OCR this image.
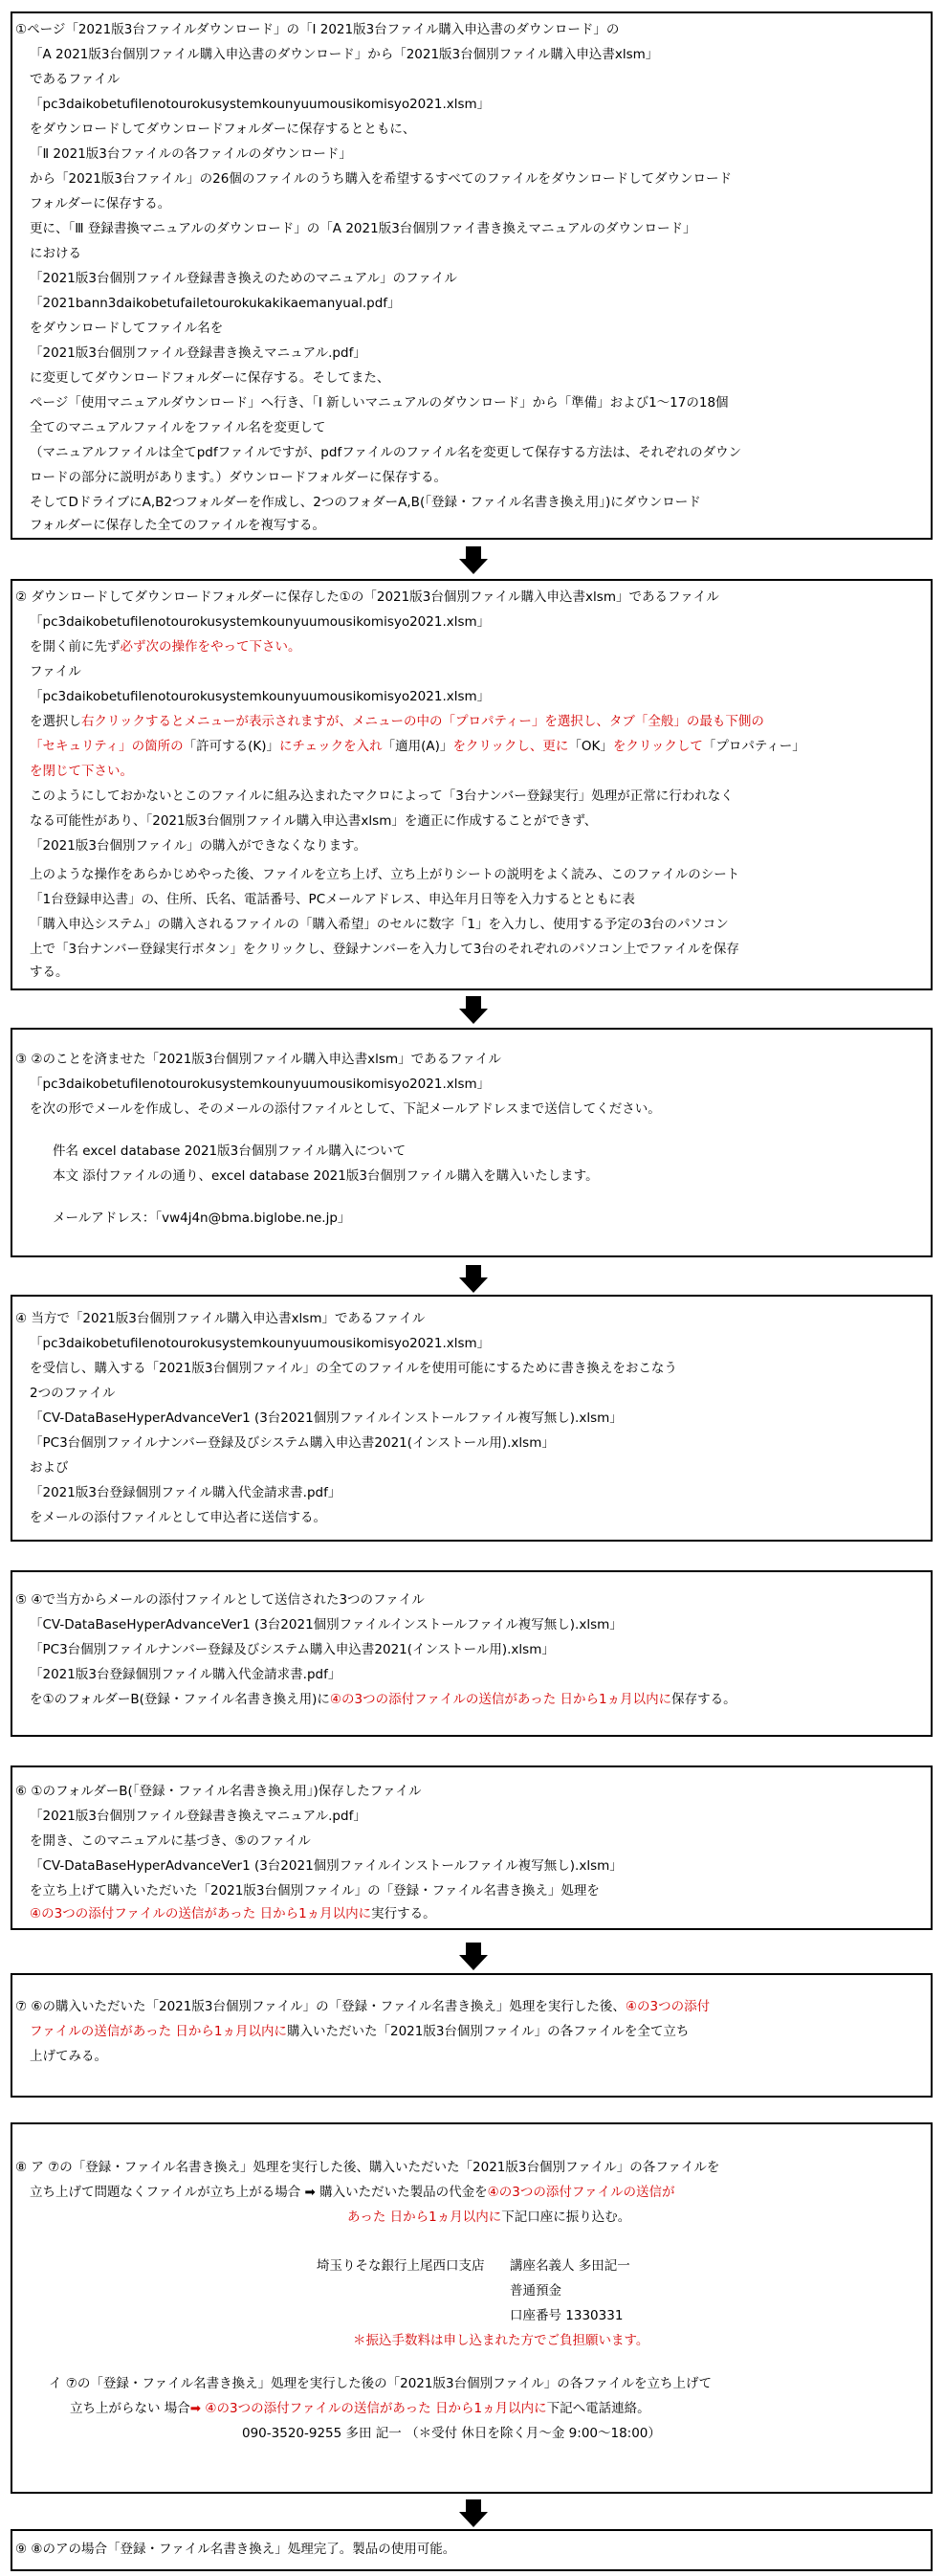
①ページ「2021版3台ファイルダウンロード」の「Ⅰ 2021版3台ファイル購入申込書のダウンロード」の
「A 2021版3台個別ファイル購入申込書のダウンロード」から「2021版3台個別ファイル購入申込書xlsm」
であるファイル
「pc3daikobetufilenotourokusystemkounyuumousikomisyo2021.xlsm」
をダウンロードしてダウンロードフォルダーに保存するとともに、
「Ⅱ 2021版3台ファイルの各ファイルのダウンロード」
から「2021版3台ファイル」の26個のファイルのうち購入を希望するすべてのファイルをダウンロードしてダウンロード
フォルダーに保存する。
更に、「Ⅲ 登録書換マニュアルのダウンロード」の「A 2021版3台個別ファイ書き換えマニュアルのダウンロード」
における
「2021版3台個別ファイル登録書き換えのためのマニュアル」のファイル
「2021bann3daikobetufailetourokukakikaemanyual.pdf」
をダウンロードしてファイル名を
「2021版3台個別ファイル登録書き換えマニュアル.pdf」
に変更してダウンロードフォルダーに保存する。そしてまた、
ページ「使用マニュアルダウンロード」へ行き、「Ⅰ 新しいマニュアルのダウンロード」から「準備」および1～17の18個
全てのマニュアルファイルをファイル名を変更して
（マニュアルファイルは全てpdfファイルですが、pdfファイルのファイル名を変更して保存する方法は、それぞれのダウン
ロードの部分に説明があります。）ダウンロードフォルダーに保存する。
そしてDドライブにA,B2つフォルダーを作成し、2つのフォダーA,B(「登録・ファイル名書き換え用」)にダウンロード
フォルダーに保存した全てのファイルを複写する。
② ダウンロードしてダウンロードフォルダーに保存した①の「2021版3台個別ファイル購入申込書xlsm」であるファイル
「pc3daikobetufilenotourokusystemkounyuumousikomisyo2021.xlsm」
を開く前に先ず必ず次の操作をやって下さい。
ファイル
「pc3daikobetufilenotourokusystemkounyuumousikomisyo2021.xlsm」
を選択し右クリックするとメニューが表示されますが、メニューの中の「プロパティー」を選択し、タブ「全般」の最も下側の
「セキュリティ」の箇所の「許可する(K)」にチェックを入れ「適用(A)」をクリックし、更に「OK」をクリックして「プロパティー」
を閉じて下さい。
このようにしておかないとこのファイルに組み込まれたマクロによって「3台ナンバー登録実行」処理が正常に行われなく
なる可能性があり、「2021版3台個別ファイル購入申込書xlsm」を適正に作成することができず、
「2021版3台個別ファイル」の購入ができなくなります。
上のような操作をあらかじめやった後、ファイルを立ち上げ、立ち上がりシートの説明をよく読み、このファイルのシート
「1台登録申込書」の、住所、氏名、電話番号、PCメールアドレス、申込年月日等を入力するとともに表
「購入申込システム」の購入されるファイルの「購入希望」のセルに数字「1」を入力し、使用する予定の3台のパソコン
上で「3台ナンバー登録実行ボタン」をクリックし、登録ナンバーを入力して3台のそれぞれのパソコン上でファイルを保存
する。
③ ②のことを済ませた「2021版3台個別ファイル購入申込書xlsm」であるファイル
「pc3daikobetufilenotourokusystemkounyuumousikomisyo2021.xlsm」
を次の形でメールを作成し、そのメールの添付ファイルとして、下記メールアドレスまで送信してください。
件名 excel database 2021版3台個別ファイル購入について
本文 添付ファイルの通り、excel database 2021版3台個別ファイル購入を購入いたします。
メールアドレス：「vw4j4n@bma.biglobe.ne.jp」
④ 当方で「2021版3台個別ファイル購入申込書xlsm」であるファイル
「pc3daikobetufilenotourokusystemkounyuumousikomisyo2021.xlsm」
を受信し、購入する「2021版3台個別ファイル」の全てのファイルを使用可能にするために書き換えをおこなう
2つのファイル
「CV-DataBaseHyperAdvanceVer1 (3台2021個別ファイルインストールファイル複写無し).xlsm」
「PC3台個別ファイルナンバー登録及びシステム購入申込書2021(インストール用).xlsm」
および
「2021版3台登録個別ファイル購入代金請求書.pdf」
をメールの添付ファイルとして申込者に送信する。
⑤ ④で当方からメールの添付ファイルとして送信された3つのファイル
「CV-DataBaseHyperAdvanceVer1 (3台2021個別ファイルインストールファイル複写無し).xlsm」
「PC3台個別ファイルナンバー登録及びシステム購入申込書2021(インストール用).xlsm」
「2021版3台登録個別ファイル購入代金請求書.pdf」
を①のフォルダーB(登録・ファイル名書き換え用)に④の3つの添付ファイルの送信があった 日から1ヵ月以内に保存する。
⑥ ①のフォルダーB(「登録・ファイル名書き換え用」)保存したファイル
「2021版3台個別ファイル登録書き換えマニュアル.pdf」
を開き、このマニュアルに基づき、⑤のファイル
「CV-DataBaseHyperAdvanceVer1 (3台2021個別ファイルインストールファイル複写無し).xlsm」
を立ち上げて購入いただいた「2021版3台個別ファイル」の「登録・ファイル名書き換え」処理を
④の3つの添付ファイルの送信があった 日から1ヵ月以内に実行する。
⑦ ⑥の購入いただいた「2021版3台個別ファイル」の「登録・ファイル名書き換え」処理を実行した後、④の3つの添付
ファイルの送信があった 日から1ヵ月以内に購入いただいた「2021版3台個別ファイル」の各ファイルを全て立ち
上げてみる。
⑧ ア ⑦の「登録・ファイル名書き換え」処理を実行した後、購入いただいた「2021版3台個別ファイル」の各ファイルを
立ち上げて問題なくファイルが立ち上がる場合 ➡ 購入いただいた製品の代金を④の3つの添付ファイルの送信が
あった 日から1ヵ月以内に下記口座に振り込む。
埼玉りそな銀行上尾西口支店 講座名義人 多田記一
普通預金
口座番号 1330331
＊振込手数料は申し込まれた方でご負担願います。
イ ⑦の「登録・ファイル名書き換え」処理を実行した後の「2021版3台個別ファイル」の各ファイルを立ち上げて
立ち上がらない 場合➡ ④の3つの添付ファイルの送信があった 日から1ヵ月以内に下記へ電話連絡。
090-3520-9255 多田 記一 （＊受付 休日を除く月～金 9:00～18:00）
⑨ ⑧のアの場合「登録・ファイル名書き換え」処理完了。製品の使用可能。
